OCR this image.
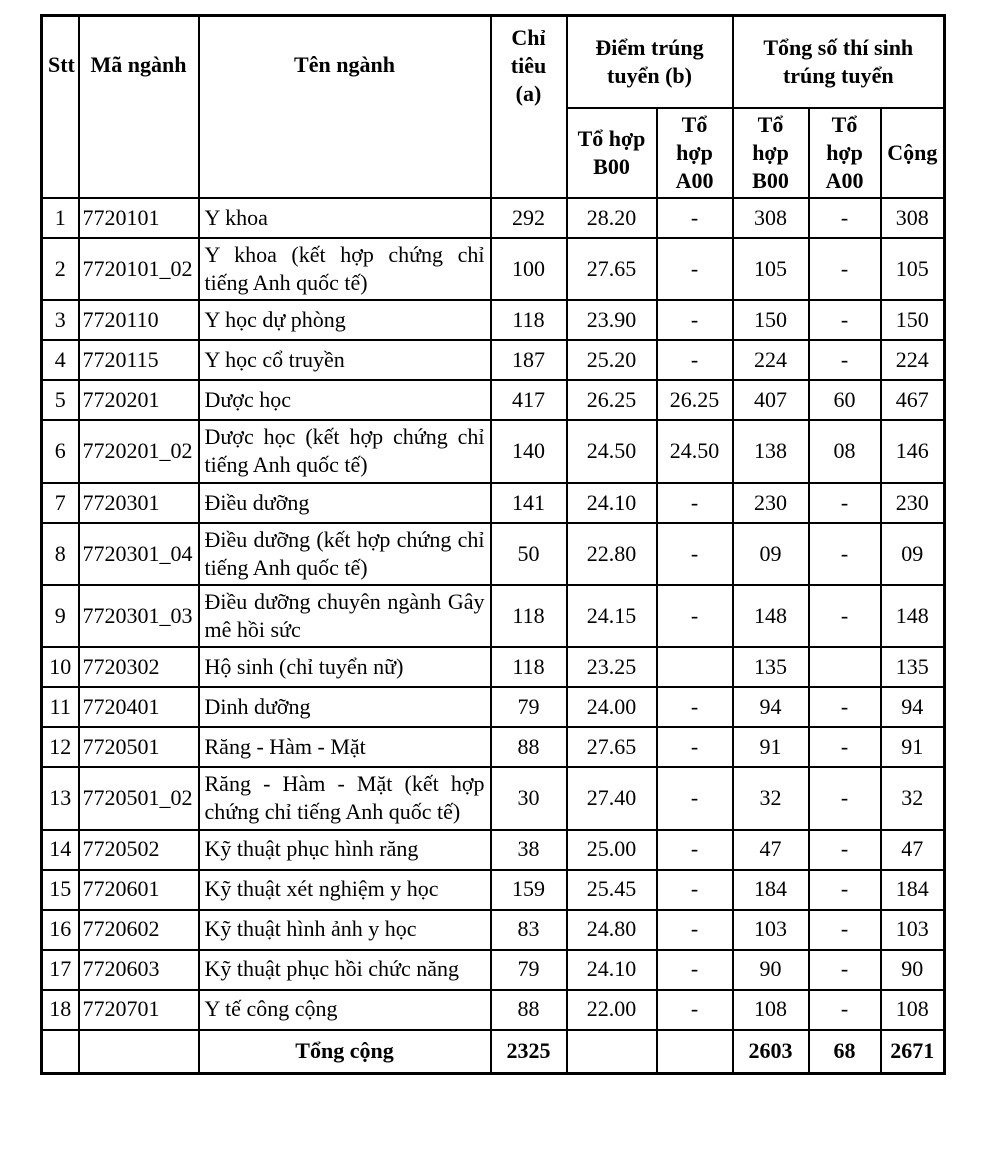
Stt	Mã ngành	Tên ngành	Chỉ tiêu (a)	Điểm trúng tuyển (b)		Tổng số thí sinh trúng tuyển		
				Tổ hợp B00	Tổ hợp A00	Tổ hợp B00	Tổ hợp A00	Cộng
1	7720101	Y khoa	292	28.20	-	308	-	308
2	7720101_02	Y khoa (kết hợp chứng chỉ tiếng Anh quốc tế)	100	27.65	-	105	-	105
3	7720110	Y học dự phòng	118	23.90	-	150	-	150
4	7720115	Y học cổ truyền	187	25.20	-	224	-	224
5	7720201	Dược học	417	26.25	26.25	407	60	467
6	7720201_02	Dược học (kết hợp chứng chỉ tiếng Anh quốc tế)	140	24.50	24.50	138	08	146
7	7720301	Điều dưỡng	141	24.10	-	230	-	230
8	7720301_04	Điều dưỡng (kết hợp chứng chỉ tiếng Anh quốc tế)	50	22.80	-	09	-	09
9	7720301_03	Điều dưỡng chuyên ngành Gây mê hồi sức	118	24.15	-	148	-	148
10	7720302	Hộ sinh (chỉ tuyển nữ)	118	23.25		135		135
11	7720401	Dinh dưỡng	79	24.00	-	94	-	94
12	7720501	Răng - Hàm - Mặt	88	27.65	-	91	-	91
13	7720501_02	Răng - Hàm - Mặt (kết hợp chứng chỉ tiếng Anh quốc tế)	30	27.40	-	32	-	32
14	7720502	Kỹ thuật phục hình răng	38	25.00	-	47	-	47
15	7720601	Kỹ thuật xét nghiệm y học	159	25.45	-	184	-	184
16	7720602	Kỹ thuật hình ảnh y học	83	24.80	-	103	-	103
17	7720603	Kỹ thuật phục hồi chức năng	79	24.10	-	90	-	90
18	7720701	Y tế công cộng	88	22.00	-	108	-	108
		Tổng cộng	2325			2603	68	2671
